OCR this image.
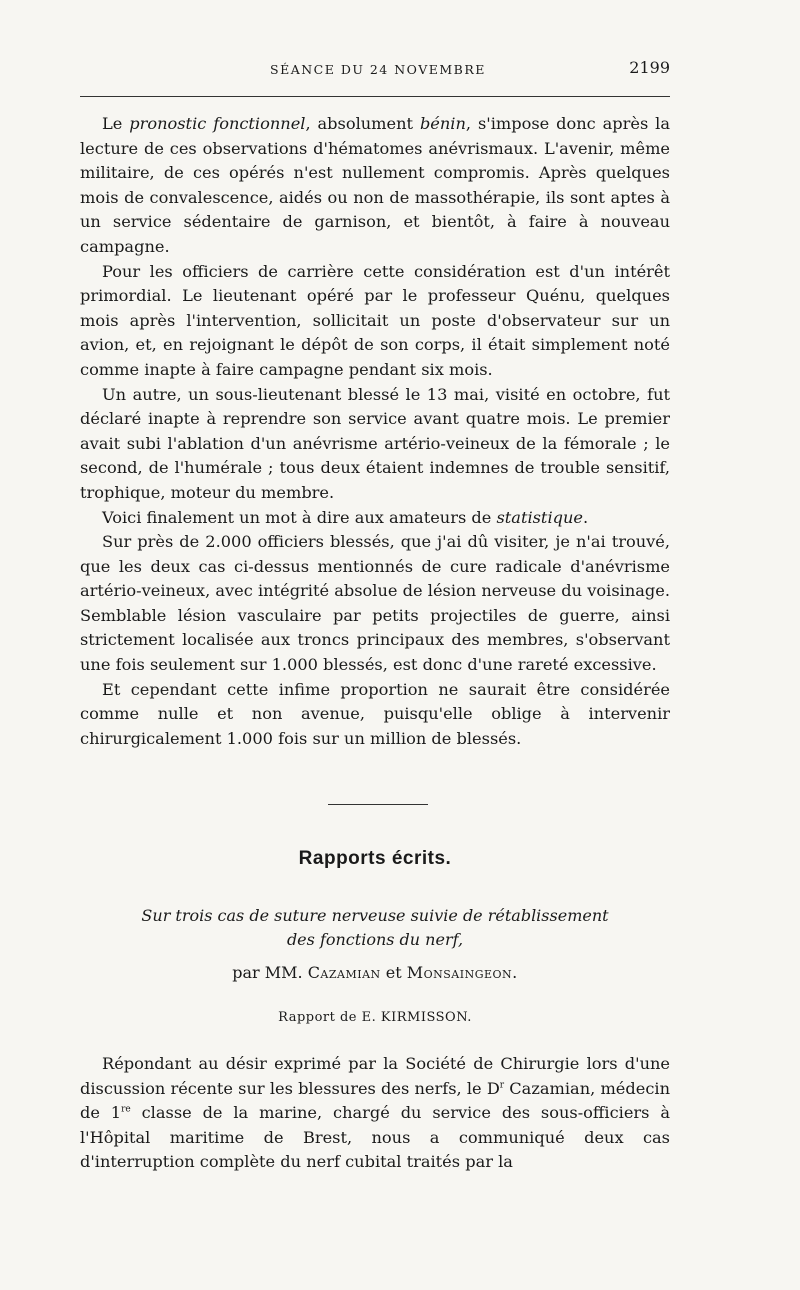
SÉANCE DU 24 NOVEMBRE	2199

Le pronostic fonctionnel, absolument bénin, s'impose donc après la lecture de ces observations d'hématomes anévrismaux. L'avenir, même militaire, de ces opérés n'est nullement compromis. Après quelques mois de convalescence, aidés ou non de massothérapie, ils sont aptes à un service sédentaire de garnison, et bientôt, à faire à nouveau campagne.

Pour les officiers de carrière cette considération est d'un intérêt primordial. Le lieutenant opéré par le professeur Quénu, quelques mois après l'intervention, sollicitait un poste d'observateur sur un avion, et, en rejoignant le dépôt de son corps, il était simplement noté comme inapte à faire campagne pendant six mois.

Un autre, un sous-lieutenant blessé le 13 mai, visité en octobre, fut déclaré inapte à reprendre son service avant quatre mois. Le premier avait subi l'ablation d'un anévrisme artério-veineux de la fémorale ; le second, de l'humérale ; tous deux étaient indemnes de trouble sensitif, trophique, moteur du membre.

Voici finalement un mot à dire aux amateurs de statistique.

Sur près de 2.000 officiers blessés, que j'ai dû visiter, je n'ai trouvé, que les deux cas ci-dessus mentionnés de cure radicale d'anévrisme artério-veineux, avec intégrité absolue de lésion nerveuse du voisinage. Semblable lésion vasculaire par petits projectiles de guerre, ainsi strictement localisée aux troncs principaux des membres, s'observant une fois seulement sur 1.000 blessés, est donc d'une rareté excessive.

Et cependant cette infime proportion ne saurait être considérée comme nulle et non avenue, puisqu'elle oblige à intervenir chirurgicalement 1.000 fois sur un million de blessés.

Rapports écrits.
Sur trois cas de suture nerveuse suivie de rétablissement
des fonctions du nerf,
par MM. Cazamian et Monsaingeon.
Rapport de E. KIRMISSON.

Répondant au désir exprimé par la Société de Chirurgie lors d'une discussion récente sur les blessures des nerfs, le $D^r$ Cazamian, médecin de 1re classe de la marine, chargé du service des sous-officiers à l'Hôpital maritime de Brest, nous a communiqué deux cas d'interruption complète du nerf cubital traités par la
